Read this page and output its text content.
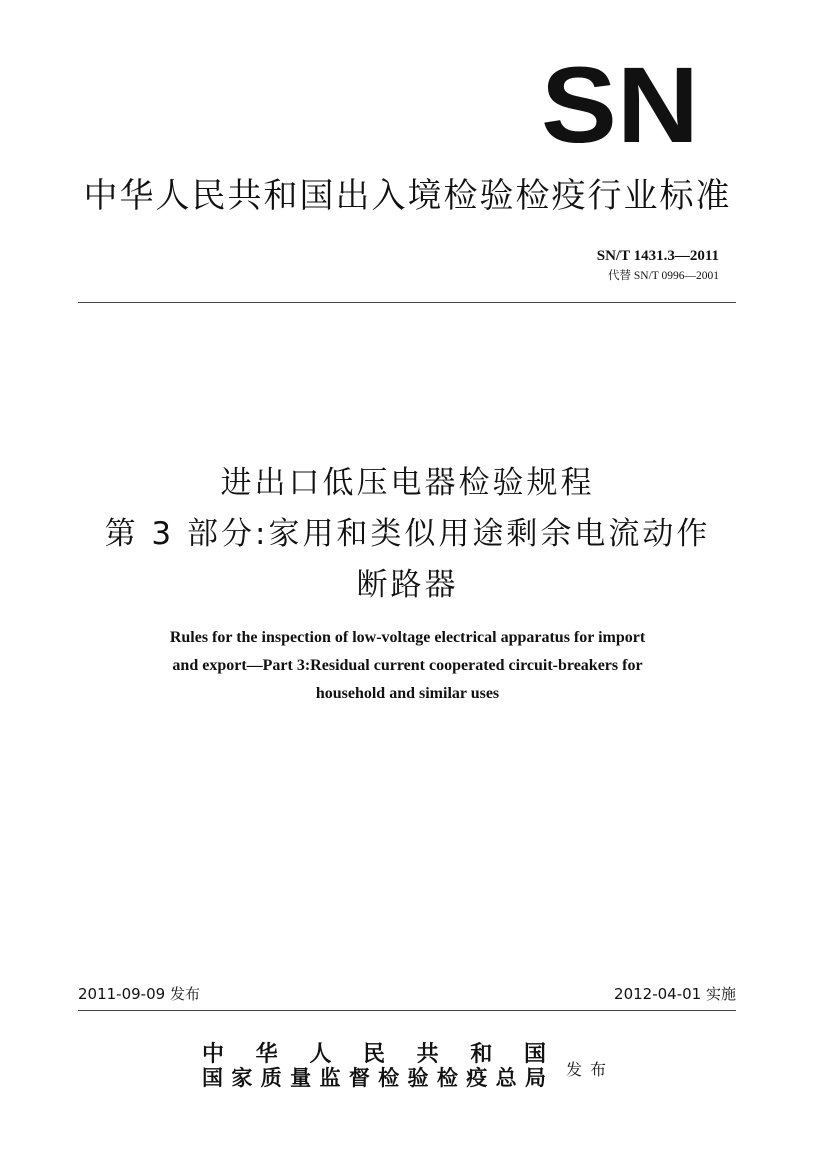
SN
中华人民共和国出入境检验检疫行业标准
SN/T 1431.3—2011
代替 SN/T 0996—2001
进出口低压电器检验规程
第 3 部分:家用和类似用途剩余电流动作
断路器
Rules for the inspection of low-voltage electrical apparatus for import
and export—Part 3:Residual current cooperated circuit-breakers for
household and similar uses
2011-09-09 发布	2012-04-01 实施
中 华 人 民 共 和 国
国 家 质 量 监 督 检 验 检 疫 总 局 发布
